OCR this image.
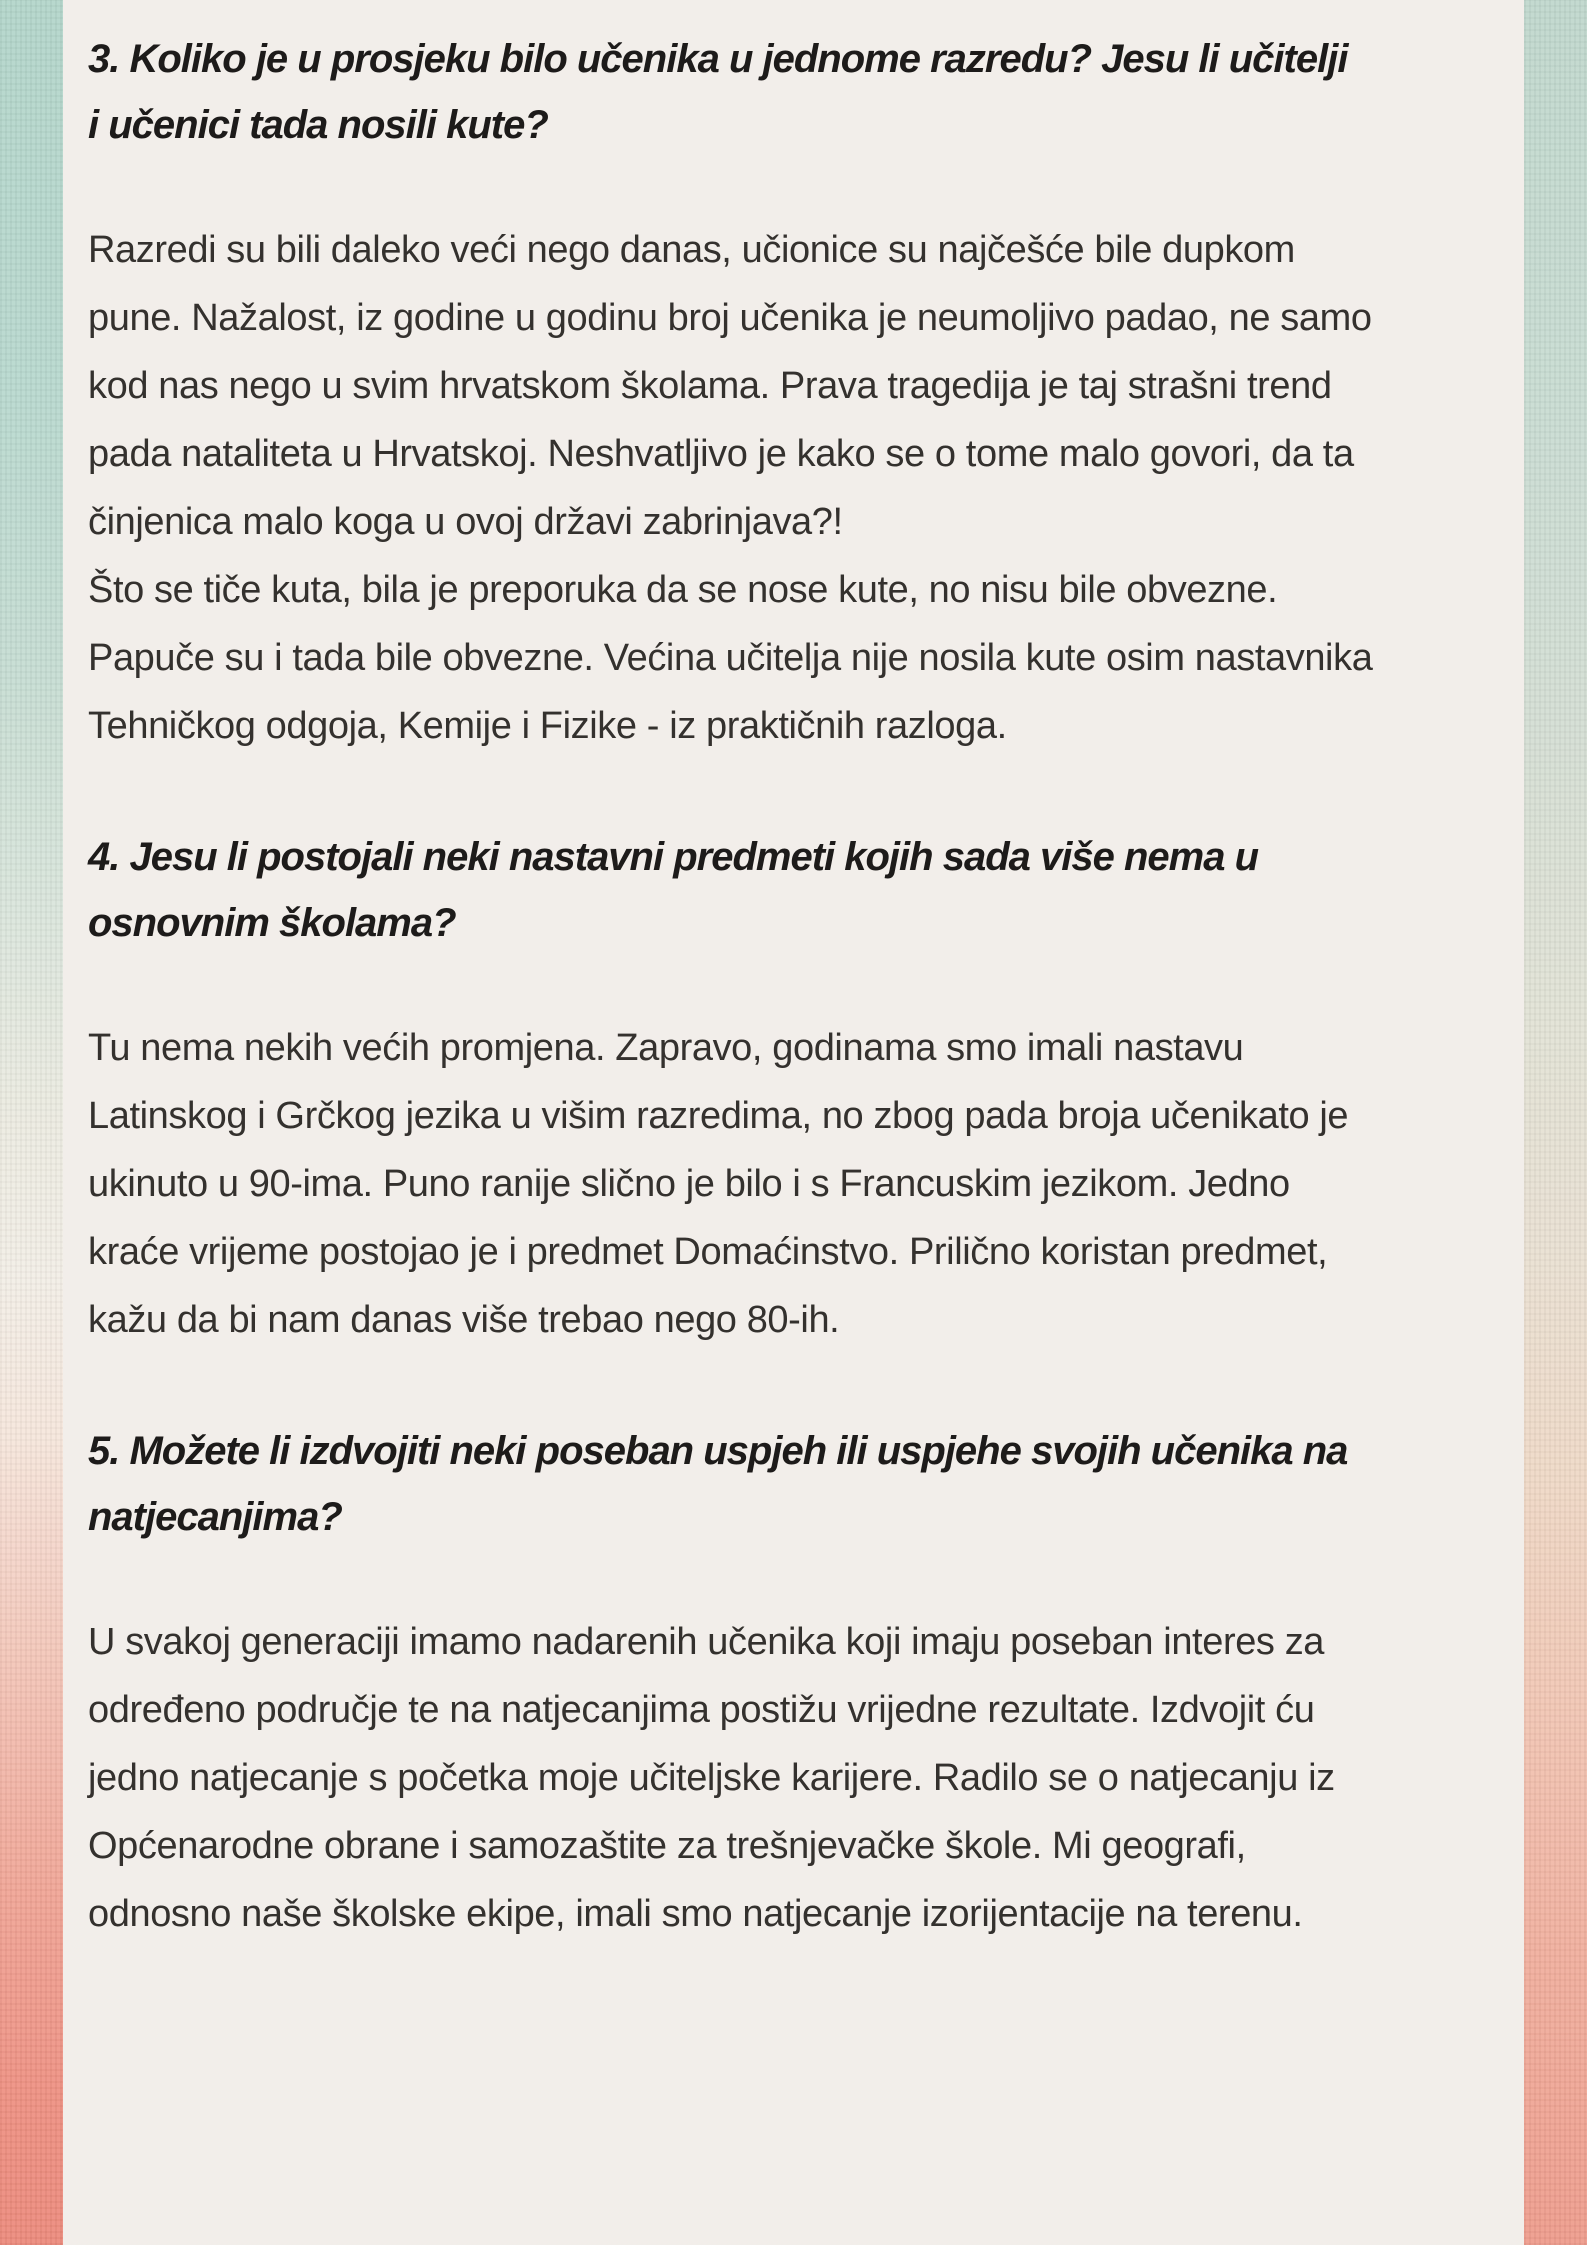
3. Koliko je u prosjeku bilo učenika u jednome razredu? Jesu li učitelji i učenici tada nosili kute?

Razredi su bili daleko veći nego danas, učionice su najčešće bile dupkom pune. Nažalost, iz godine u godinu broj učenika je neumoljivo padao, ne samo kod nas nego u svim hrvatskom školama. Prava tragedija je taj strašni trend pada nataliteta u Hrvatskoj. Neshvatljivo je kako se o tome malo govori, da ta činjenica malo koga u ovoj državi zabrinjava?!

Što se tiče kuta, bila je preporuka da se nose kute, no nisu bile obvezne. Papuče su i tada bile obvezne. Većina učitelja nije nosila kute osim nastavnika Tehničkog odgoja, Kemije i Fizike - iz praktičnih razloga.

4. Jesu li postojali neki nastavni predmeti kojih sada više nema u osnovnim školama?

Tu nema nekih većih promjena. Zapravo, godinama smo imali nastavu Latinskog i Grčkog jezika u višim razredima, no zbog pada broja učenikato je ukinuto u 90-ima. Puno ranije slično je bilo i s Francuskim jezikom. Jedno kraće vrijeme postojao je i predmet Domaćinstvo. Prilično koristan predmet, kažu da bi nam danas više trebao nego 80-ih.

5. Možete li izdvojiti neki poseban uspjeh ili uspjehe svojih učenika na natjecanjima?

U svakoj generaciji imamo nadarenih učenika koji imaju poseban interes za određeno područje te na natjecanjima postižu vrijedne rezultate. Izdvojit ću jedno natjecanje s početka moje učiteljske karijere. Radilo se o natjecanju iz Općenarodne obrane i samozaštite za trešnjevačke škole. Mi geografi, odnosno naše školske ekipe, imali smo natjecanje izorijentacije na terenu.
